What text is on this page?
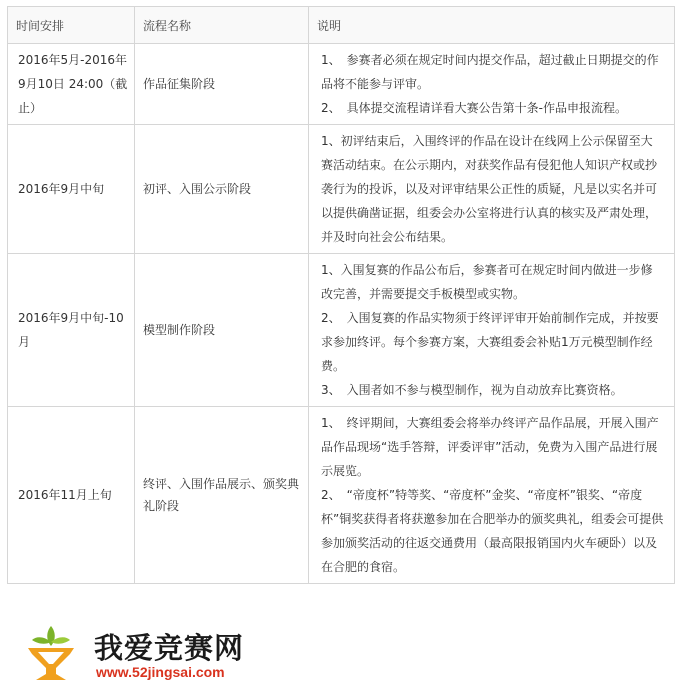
时间安排	流程名称	说明
2016年5月-2016年9月10日 24:00（截止）	作品征集阶段	1、　参赛者必须在规定时间内提交作品，超过截止日期提交的作品将不能参与评审。

2、　具体提交流程请详看大赛公告第十条-作品申报流程。

2016年9月中旬	初评、入围公示阶段	1、初评结束后，入围终评的作品在设计在线网上公示保留至大赛活动结束。在公示期内，对获奖作品有侵犯他人知识产权或抄袭行为的投诉，以及对评审结果公正性的质疑，凡是以实名并可以提供确凿证据，组委会办公室将进行认真的核实及严肃处理，并及时向社会公布结果。

2016年9月中旬-10月	模型制作阶段	1、入围复赛的作品公布后，参赛者可在规定时间内做进一步修改完善，并需要提交手板模型或实物。

2、　入围复赛的作品实物须于终评评审开始前制作完成，并按要求参加终评。每个参赛方案，大赛组委会补贴1万元模型制作经费。

3、　入围者如不参与模型制作，视为自动放弃比赛资格。

2016年11月上旬	终评、入围作品展示、颁奖典礼阶段	1、　终评期间，大赛组委会将举办终评产品作品展，开展入围产品作品现场“选手答辩，评委评审”活动，免费为入围产品进行展示展览。

2、　“帝度杯”特等奖、“帝度杯”金奖、“帝度杯”银奖、“帝度杯”铜奖获得者将获邀参加在合肥举办的颁奖典礼，组委会可提供参加颁奖活动的往返交通费用（最高限报销国内火车硬卧）以及在合肥的食宿。

我爱竞赛网
www.52jingsai.com
